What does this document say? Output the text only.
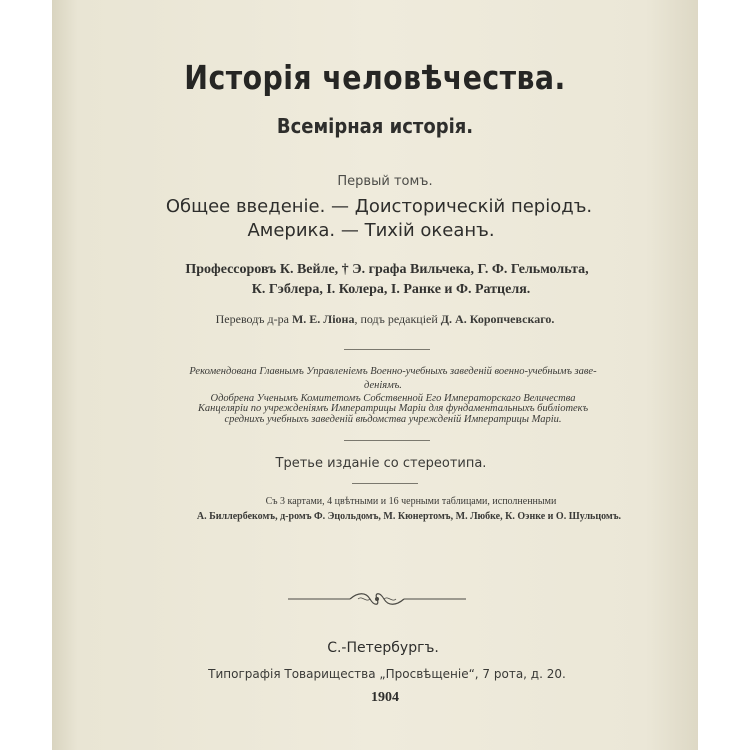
Исторія человѣчества.
Всемірная исторія.
Первый томъ.
Общее введеніе. — Доисторическій періодъ.
Америка. — Тихій океанъ.
Профессоровъ К. Вейле, † Э. графа Вильчека, Г. Ф. Гельмольта,
К. Гэблера, І. Колера, І. Ранке и Ф. Ратцеля.
Переводъ д-ра М. Е. Ліона, подъ редакціей Д. А. Коропчевскаго.
Рекомендована Главнымъ Управленіемъ Военно-учебныхъ заведеній военно-учебнымъ заве-
деніямъ.
Одобрена Ученымъ Комитетомъ Собственной Его Императорскаго Величества
Канцеляріи по учрежденіямъ Императрицы Маріи для фундаментальныхъ библіотекъ
среднихъ учебныхъ заведеній вѣдомства учрежденій Императрицы Маріи.
Третье изданіе со стереотипа.
Съ 3 картами, 4 цвѣтными и 16 черными таблицами, исполненными
А. Биллербекомъ, д-ромъ Ф. Эцольдомъ, М. Кюнертомъ, М. Любке, К. Оэнке и О. Шульцомъ.
С.-Петербургъ.
Типографія Товарищества „Просвѣщеніе“, 7 рота, д. 20.
1904
